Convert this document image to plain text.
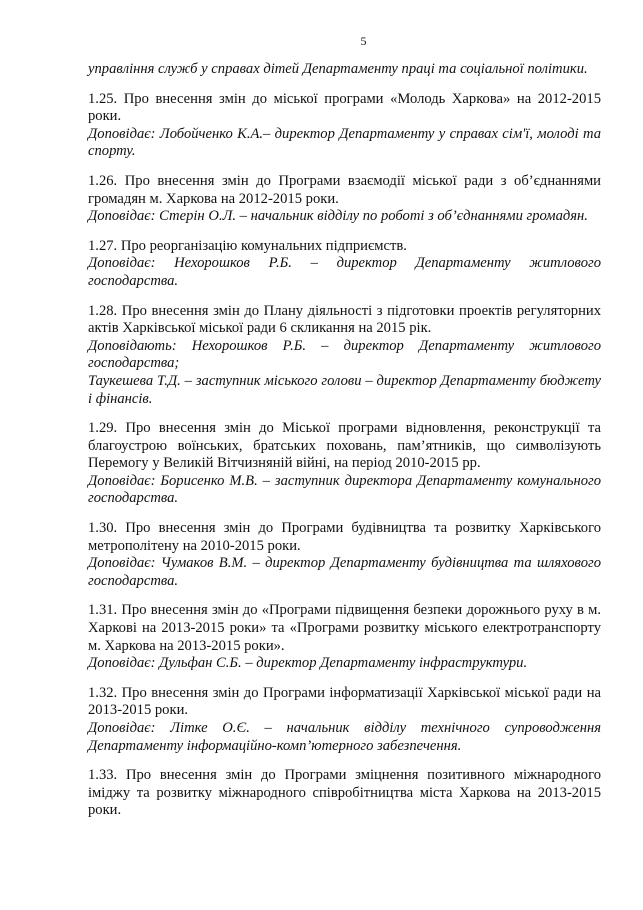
5

управління служб у справах дітей Департаменту праці та соціальної політики.

1.25. Про внесення змін до міської програми «Молодь Харкова» на 2012-2015 роки.

Доповідає: Лобойченко К.А.– директор Департаменту у справах сім'ї, молоді та спорту.

1.26. Про внесення змін до Програми взаємодії міської ради з об’єднаннями громадян м. Харкова на 2012-2015 роки.

Доповідає: Стерін О.Л. – начальник відділу по роботі з об’єднаннями громадян.

1.27. Про реорганізацію комунальних підприємств.

Доповідає: Нехорошков Р.Б. – директор Департаменту житлового господарства.

1.28. Про внесення змін до Плану діяльності з підготовки проектів регуляторних актів Харківської міської ради 6 скликання на 2015 рік.

Доповідають: Нехорошков Р.Б. – директор Департаменту житлового господарства;

Таукешева Т.Д. – заступник міського голови – директор Департаменту бюджету і фінансів.

1.29. Про внесення змін до Міської програми відновлення, реконструкції та благоустрою воїнських, братських поховань, пам’ятників, що символізують Перемогу у Великій Вітчизняній війні, на період 2010-2015 рр.

Доповідає: Борисенко М.В. – заступник директора Департаменту комунального господарства.

1.30. Про внесення змін до Програми будівництва та розвитку Харківського метрополітену на 2010-2015 роки.

Доповідає: Чумаков В.М. – директор Департаменту будівництва та шляхового господарства.

1.31. Про внесення змін до «Програми підвищення безпеки дорожнього руху в м. Харкові на 2013-2015 роки» та «Програми розвитку міського електротранспорту м. Харкова на 2013-2015 роки».

Доповідає: Дульфан С.Б. – директор Департаменту інфраструктури.

1.32. Про внесення змін до Програми інформатизації Харківської міської ради на 2013-2015 роки.

Доповідає: Літке О.Є. – начальник відділу технічного супроводження Департаменту інформаційно-комп’ютерного забезпечення.

1.33. Про внесення змін до Програми зміцнення позитивного міжнародного іміджу та розвитку міжнародного співробітництва міста Харкова на 2013-2015 роки.
